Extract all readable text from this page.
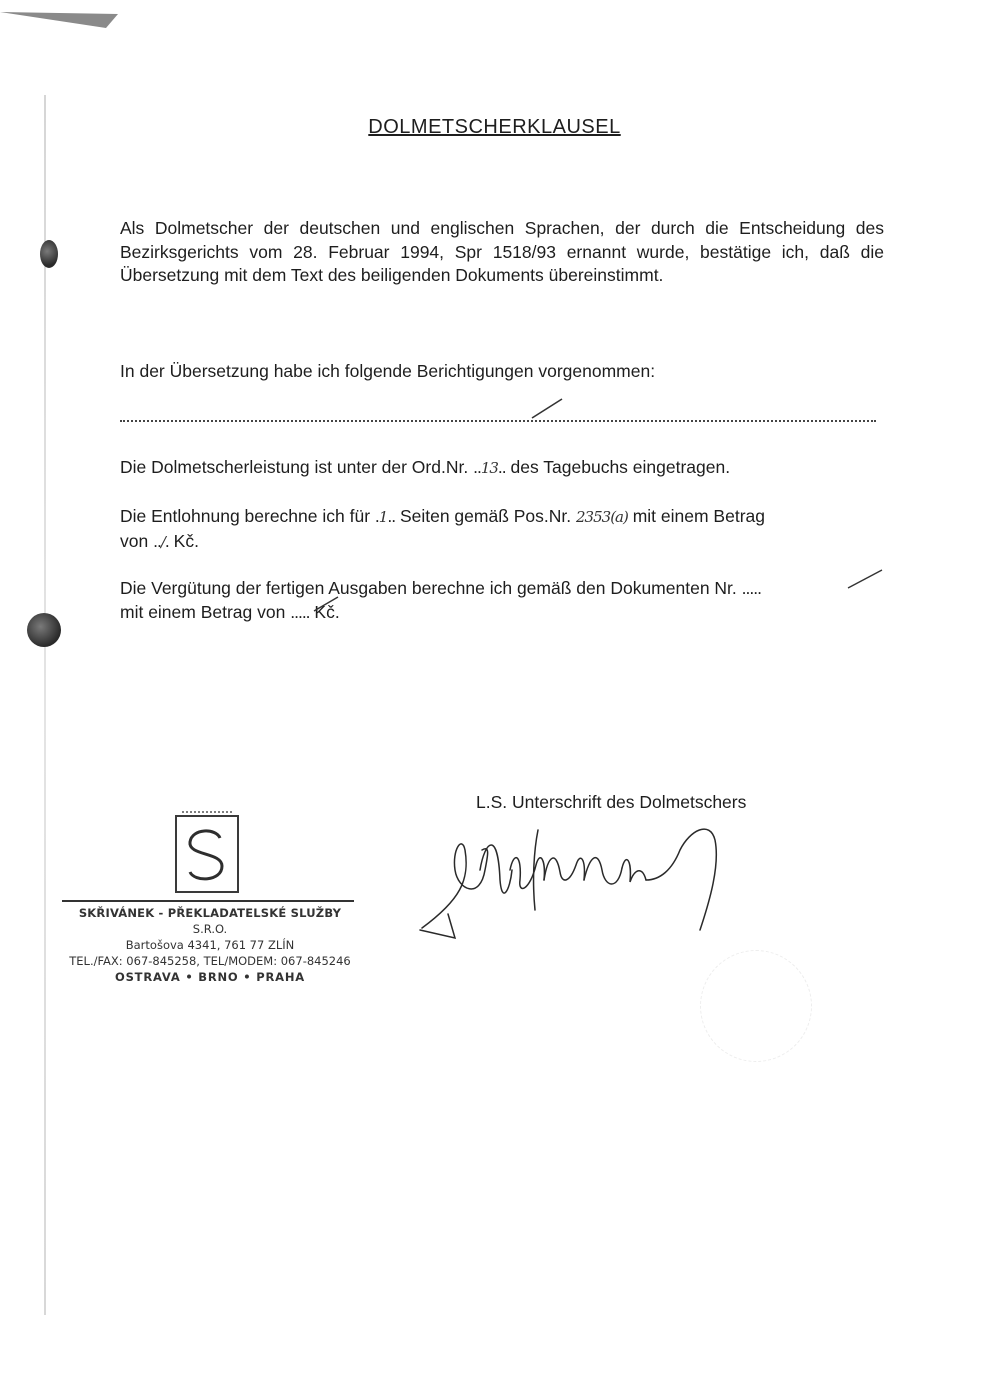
DOLMETSCHERKLAUSEL
Als Dolmetscher der deutschen und englischen Sprachen, der durch die Entscheidung des Bezirksgerichts vom 28. Februar 1994, Spr 1518/93 ernannt wurde, bestätige ich, daß die Übersetzung mit dem Text des beiligenden Dokuments übereinstimmt.
In der Übersetzung habe ich folgende Berichtigungen vorgenommen:
Die Dolmetscherleistung ist unter der Ord.Nr. ..13.. des Tagebuchs eingetragen.
Die Entlohnung berechne ich für .1.. Seiten gemäß Pos.Nr. 2353(a) mit einem Betrag
von ../. Kč.
Die Vergütung der fertigen Ausgaben berechne ich gemäß den Dokumenten Nr. .....
mit einem Betrag von ..... Kč.
L.S. Unterschrift des Dolmetschers
SKŘIVÁNEK - PŘEKLADATELSKÉ SLUŽBY S.R.O.
Bartošova 4341, 761 77 ZLÍN
TEL./FAX: 067-845258, TEL/MODEM: 067-845246
OSTRAVA • BRNO • PRAHA
